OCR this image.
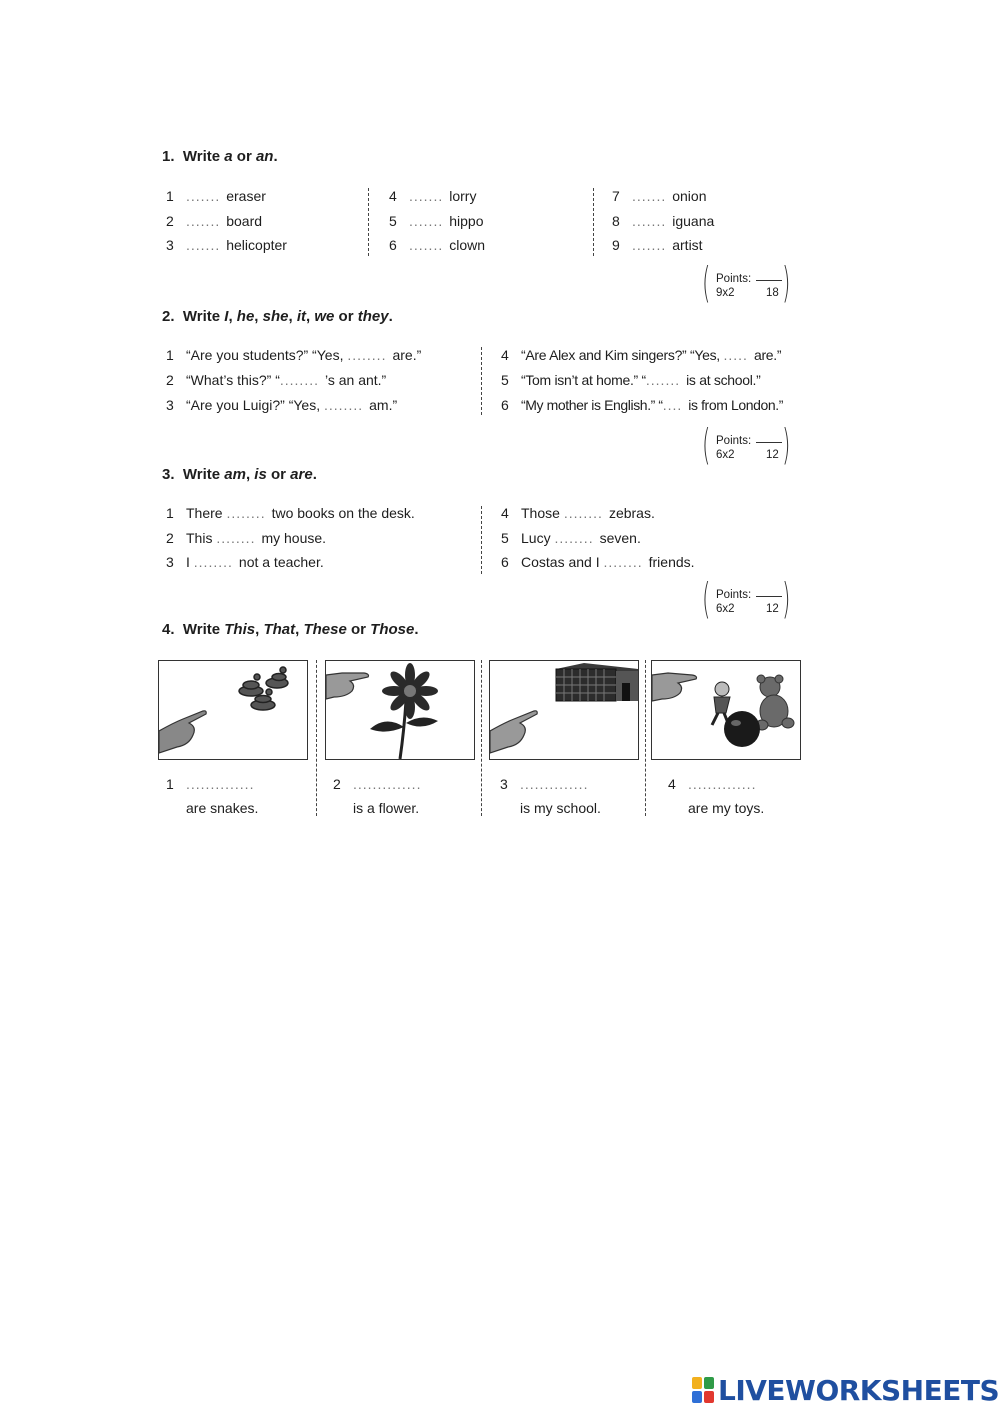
1. Write a or an.
1 ....... eraser
2 ....... board
3 ....... helicopter
4 ....... lorry
5 ....... hippo
6 ....... clown
7 ....... onion
8 ....... iguana
9 ....... artist
( )
Points:
9x2	18
2. Write I, he, she, it, we or they.
1 “Are you students?” “Yes, ........ are.”
2 “What’s this?” “........ ’s an ant.”
3 “Are you Luigi?” “Yes, ........ am.”
4 “Are Alex and Kim singers?” “Yes, ..... are.”
5 “Tom isn’t at home.” “....... is at school.”
6 “My mother is English.” “.... is from London.”
( )
Points:
6x2	12
3. Write am, is or are.
1 There ........ two books on the desk.
2 This ........ my house.
3 I ........ not a teacher.
4 Those ........ zebras.
5 Lucy ........ seven.
6 Costas and I ........ friends.
( )
Points:
6x2	12
4. Write This, That, These or Those.
1 ..............
are snakes.
2 ..............
is a flower.
3 ..............
is my school.
4 ..............
are my toys.
LIVEWORKSHEETS
